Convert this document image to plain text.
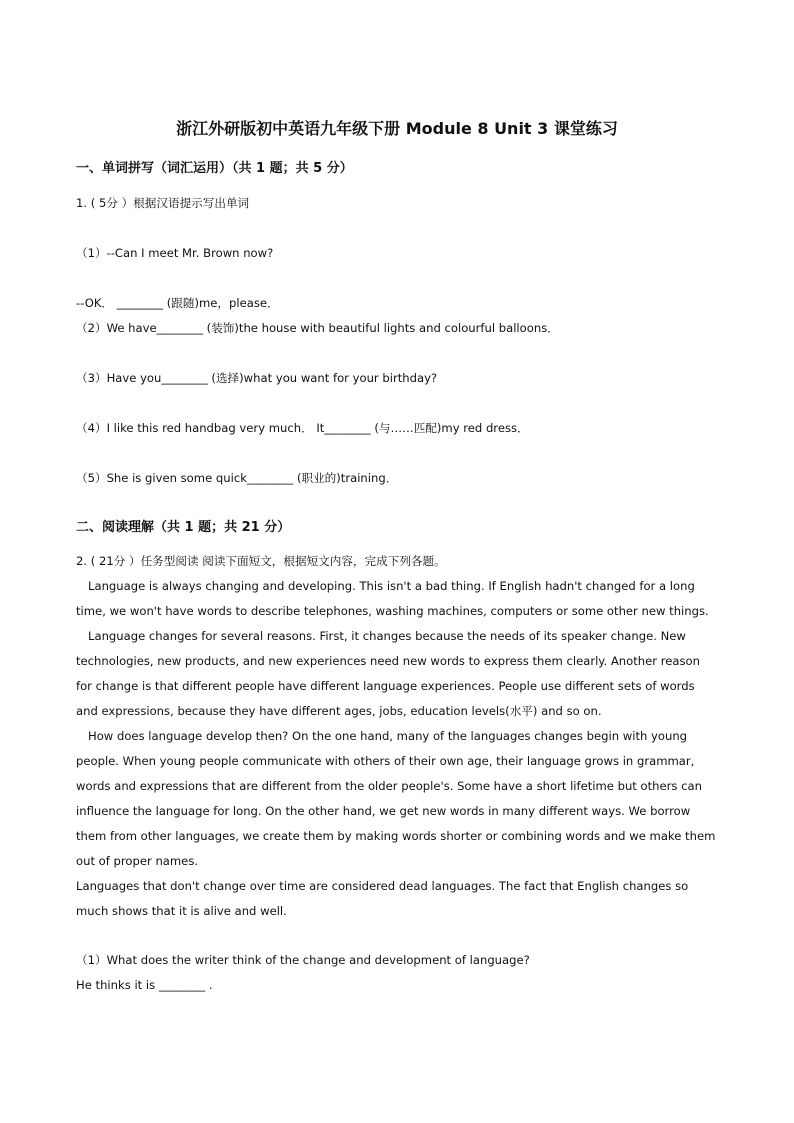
浙江外研版初中英语九年级下册 Module 8 Unit 3 课堂练习
一、单词拼写（词汇运用）（共 1 题；共 5 分）
1. ( 5分 ）根据汉语提示写出单词
（1）--Can I meet Mr. Brown now?
--OK． ________ (跟随)me，please．
（2）We have________ (装饰)the house with beautiful lights and colourful balloons．
（3）Have you________ (选择)what you want for your birthday?
（4）I like this red handbag very much． It________ (与……匹配)my red dress．
（5）She is given some quick________ (职业的)training．
二、阅读理解（共 1 题；共 21 分）
2. ( 21分 ）任务型阅读 阅读下面短文，根据短文内容，完成下列各题。

Language is always changing and developing. This isn't a bad thing. If English hadn't changed for a long time, we won't have words to describe telephones, washing machines, computers or some other new things.

Language changes for several reasons. First, it changes because the needs of its speaker change. New technologies, new products, and new experiences need new words to express them clearly. Another reason for change is that different people have different language experiences. People use different sets of words and expressions, because they have different ages, jobs, education levels(水平) and so on.

How does language develop then? On the one hand, many of the languages changes begin with young people. When young people communicate with others of their own age, their language grows in grammar, words and expressions that are different from the older people's. Some have a short lifetime but others can influence the language for long. On the other hand, we get new words in many different ways. We borrow them from other languages, we create them by making words shorter or combining words and we make them out of proper names.

Languages that don't change over time are considered dead languages. The fact that English changes so much shows that it is alive and well.

（1）What does the writer think of the change and development of language?
He thinks it is ________ .
